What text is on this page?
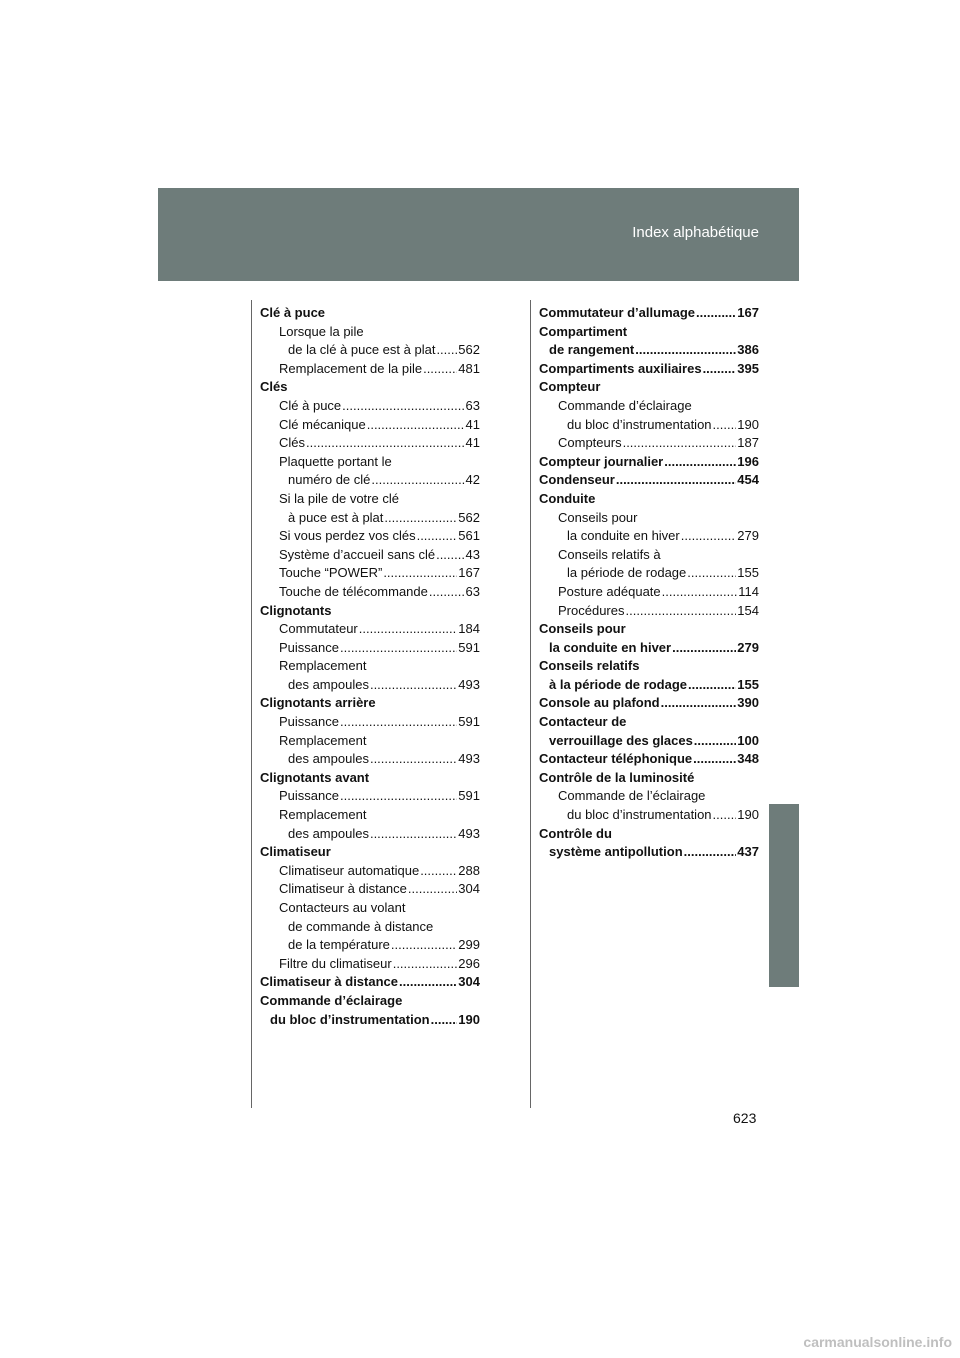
Index alphabétique
Clé à puce
Lorsque la pile
de la clé à puce est à plat ..... 562
Remplacement de la pile .....	481
Clés
Clé à puce .....	63
Clé mécanique .....	41
Clés .....	41
Plaquette portant le
numéro de clé .....	42
Si la pile de votre clé
à puce est à plat .....	562
Si vous perdez vos clés .....	561
Système d’accueil sans clé ..... 43
Touche “POWER” .....	167
Touche de télécommande .....	63
Clignotants
Commutateur .....	184
Puissance .....	591
Remplacement
des ampoules .....	493
Clignotants arrière
Puissance .....	591
Remplacement
des ampoules .....	493
Clignotants avant
Puissance .....	591
Remplacement
des ampoules .....	493
Climatiseur
Climatiseur automatique .....	288
Climatiseur à distance .....	304
Contacteurs au volant
de commande à distance
de la température .....	299
Filtre du climatiseur .....	296
Climatiseur à distance .....	304
Commande d’éclairage
du bloc d’instrumentation ..... 190
Commutateur d’allumage .....	167
Compartiment
de rangement .....	386
Compartiments auxiliaires .....	395
Compteur
Commande d’éclairage
du bloc d’instrumentation ..... 190
Compteurs .....	187
Compteur journalier .....	196
Condenseur .....	454
Conduite
Conseils pour
la conduite en hiver .....	279
Conseils relatifs à
la période de rodage .....	155
Posture adéquate .....	114
Procédures .....	154
Conseils pour
la conduite en hiver .....	279
Conseils relatifs
à la période de rodage .....	155
Console au plafond .....	390
Contacteur de
verrouillage des glaces .....	100
Contacteur téléphonique .....	348
Contrôle de la luminosité
Commande de l’éclairage
du bloc d’instrumentation ..... 190
Contrôle du
système antipollution .....	437
623
carmanualsonline.info
